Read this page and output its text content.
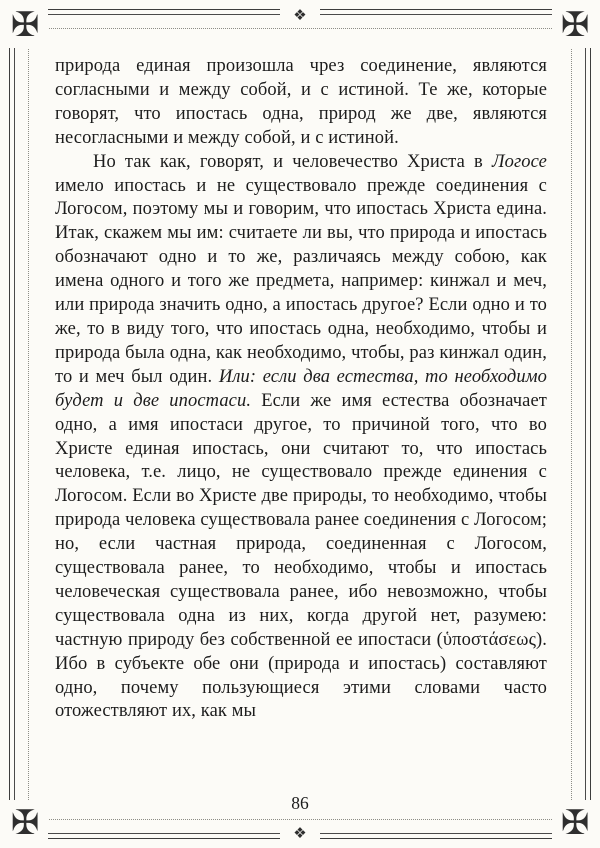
✠	✠
✠	✠
❖
❖

природа единая произошла чрез соединение, являются согласными и между собой, и с истиной. Те же, которые говорят, что ипостась одна, природ же две, являются несогласными и между собой, и с истиной.

Но так как, говорят, и человечество Христа в Логосе имело ипостась и не существовало прежде соединения с Логосом, поэтому мы и говорим, что ипостась Христа едина. Итак, скажем мы им: считаете ли вы, что природа и ипостась обозначают одно и то же, различаясь между собою, как имена одного и того же предмета, например: кинжал и меч, или природа значить одно, а ипостась другое? Если одно и то же, то в виду того, что ипостась одна, необходимо, чтобы и природа была одна, как необходимо, чтобы, раз кинжал один, то и меч был один. Или: если два естества, то необходимо будет и две ипостаси. Если же имя естества обозначает одно, а имя ипостаси другое, то причиной того, что во Христе единая ипостась, они считают то, что ипостась человека, т.е. лицо, не существовало прежде единения с Логосом. Если во Христе две природы, то необходимо, чтобы природа человека существовала ранее соединения с Логосом; но, если частная природа, соединенная с Логосом, существовала ранее, то необходимо, чтобы и ипостась человеческая существовала ранее, ибо невозможно, чтобы существовала одна из них, когда другой нет, разумею: частную природу без собственной ее ипостаси (ὑποστάσεως). Ибо в субъекте обе они (природа и ипостась) составляют одно, почему пользующиеся этими словами часто отожествляют их, как мы

86
